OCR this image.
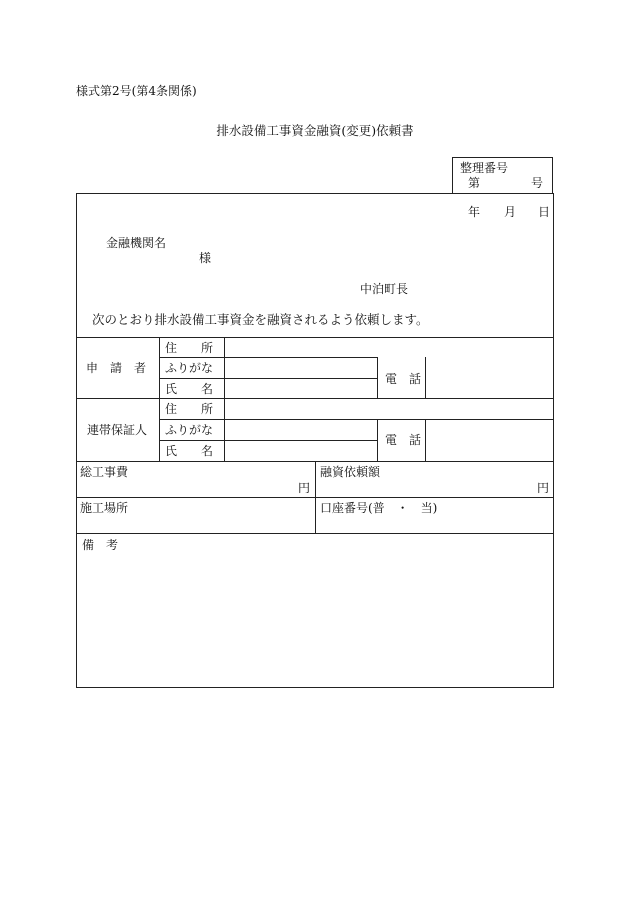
様式第2号(第4条関係)
排水設備工事資金融資(変更)依頼書
整理番号
第	号
年 月 日
金融機関名
様
中泊町長
次のとおり排水設備工事資金を融資されるよう依頼します。
申　請　者
住　　所
ふりがな
氏　　名
電　話
連帯保証人
住　　所
ふりがな
氏　　名
電　話
総工事費
円
融資依頼額
円
施工場所	口座番号(普　・　当)
備　考
